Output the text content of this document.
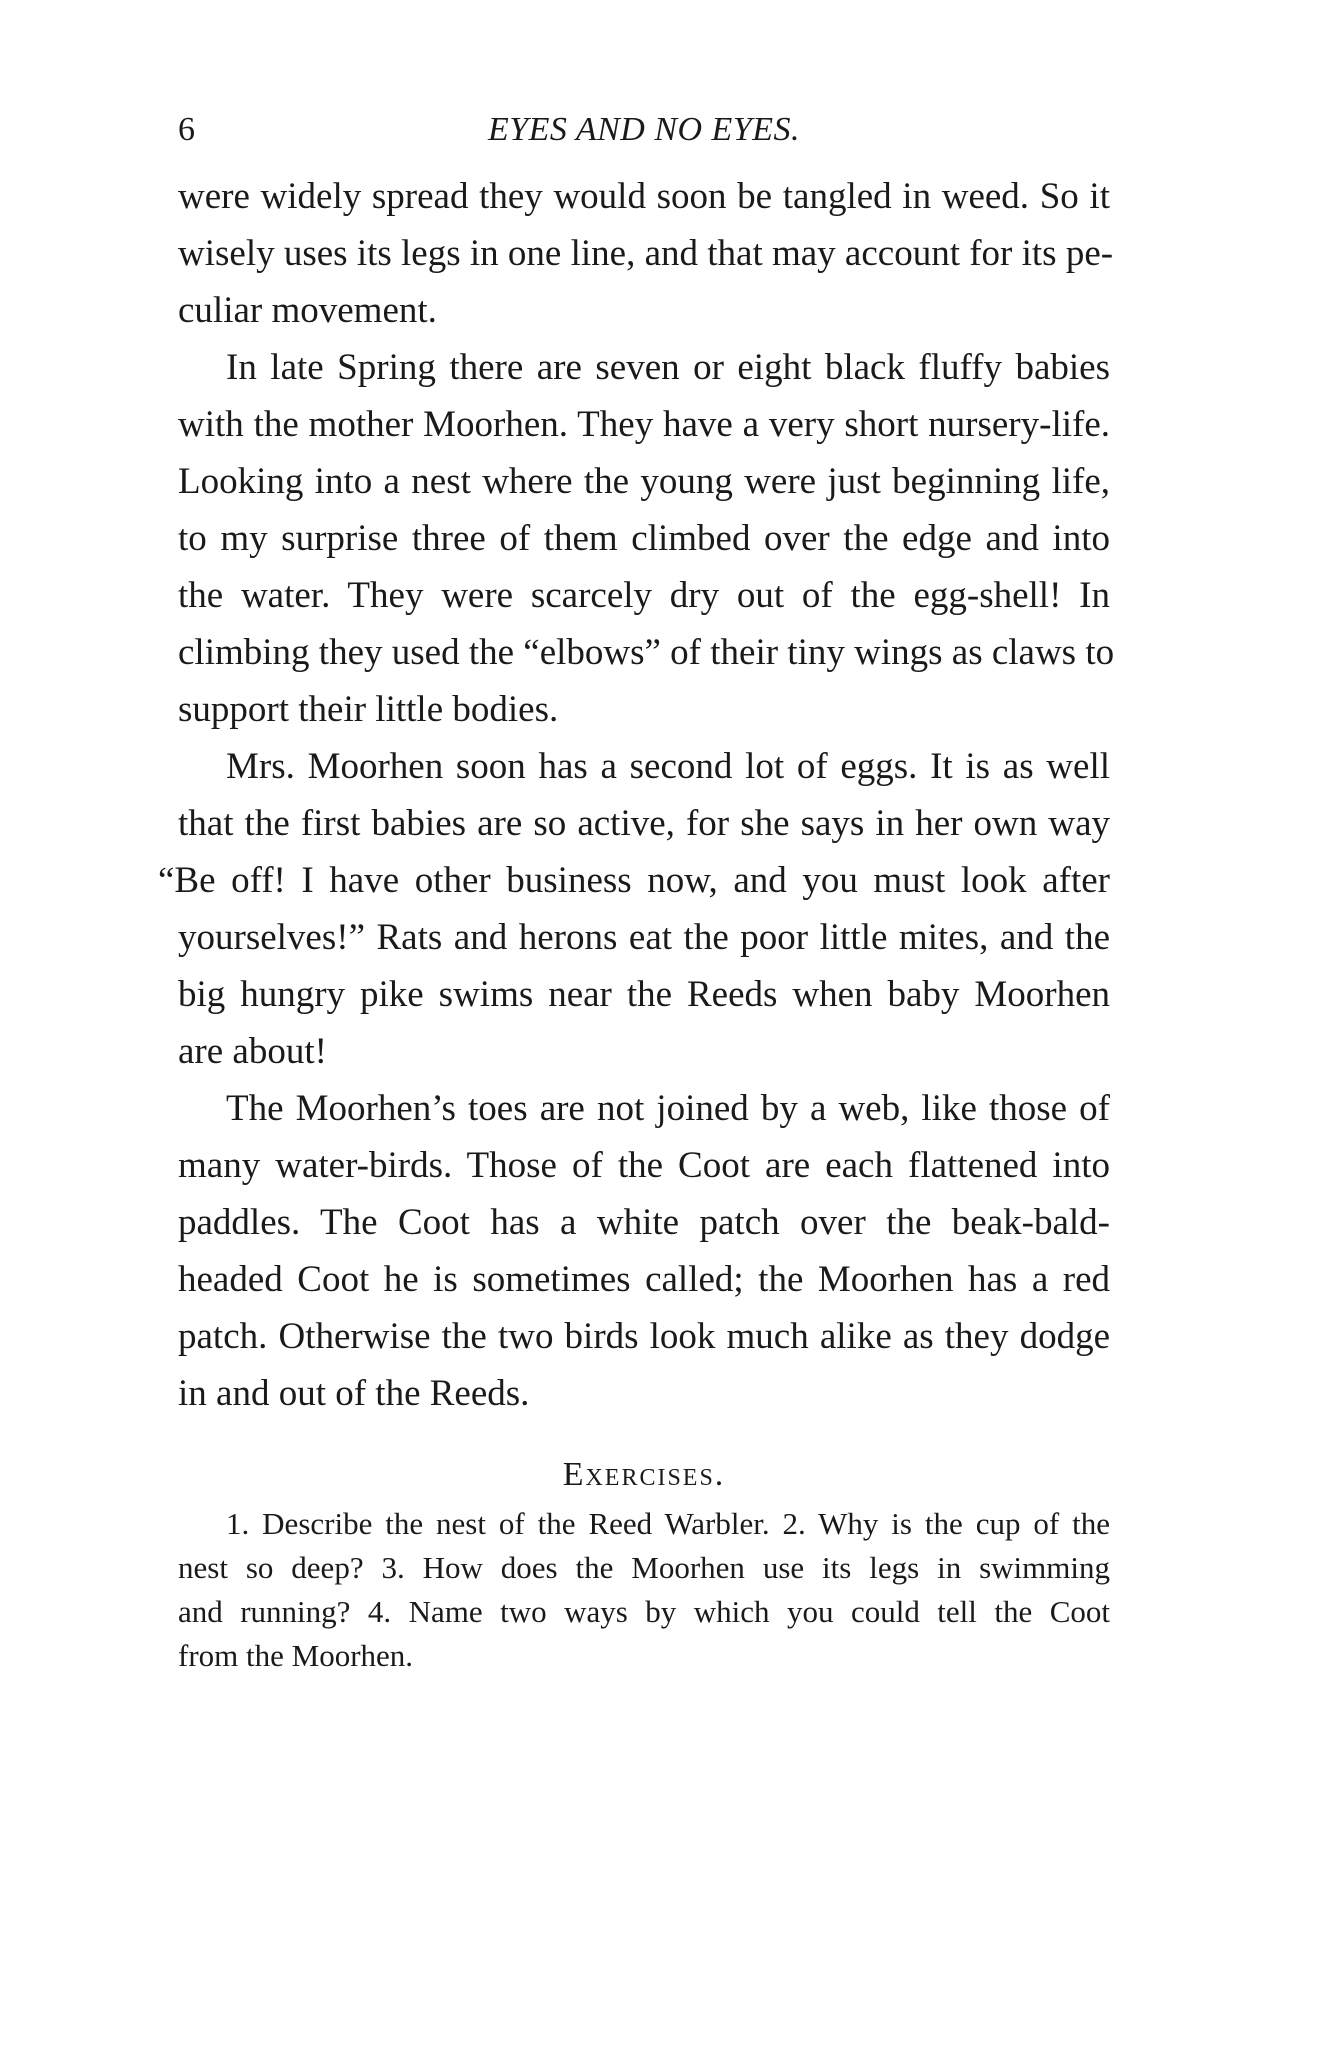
6	EYES AND NO EYES.
were widely spread they would soon be tangled in weed. So it
wisely uses its legs in one line, and that may account for its pe-
culiar movement.
In late Spring there are seven or eight black fluffy babies
with the mother Moorhen. They have a very short nursery-life.
Looking into a nest where the young were just beginning life,
to my surprise three of them climbed over the edge and into
the water. They were scarcely dry out of the egg-shell! In
climbing they used the “elbows” of their tiny wings as claws to
support their little bodies.
Mrs. Moorhen soon has a second lot of eggs. It is as well
that the first babies are so active, for she says in her own way
“Be off! I have other business now, and you must look after
yourselves!” Rats and herons eat the poor little mites, and the
big hungry pike swims near the Reeds when baby Moorhen
are about!
The Moorhen’s toes are not joined by a web, like those of
many water-birds. Those of the Coot are each flattened into
paddles. The Coot has a white patch over the beak-bald-
headed Coot he is sometimes called; the Moorhen has a red
patch. Otherwise the two birds look much alike as they dodge
in and out of the Reeds.
Exercises.
1. Describe the nest of the Reed Warbler. 2. Why is the cup of the
nest so deep? 3. How does the Moorhen use its legs in swimming
and running? 4. Name two ways by which you could tell the Coot
from the Moorhen.
